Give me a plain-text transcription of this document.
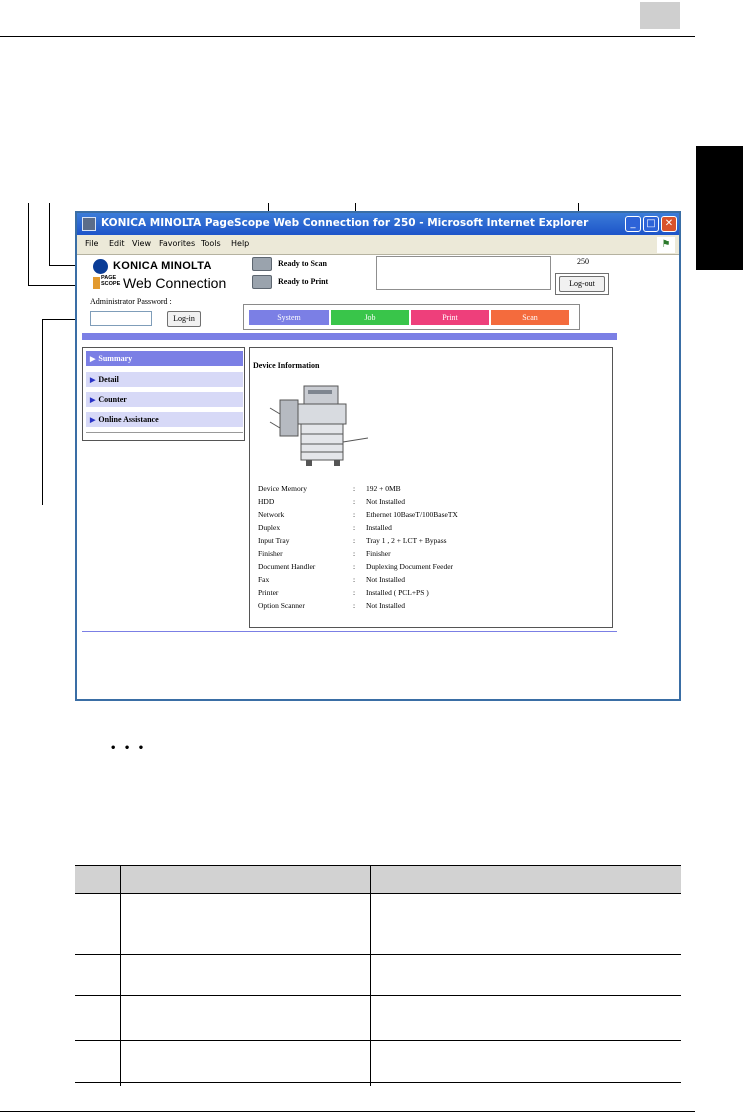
KONICA MINOLTA PageScope Web Connection for 250 - Microsoft Internet Explorer	_	□ ✕
File Edit View Favorites Tools Help	⚑
KONICA MINOLTA
PAGE SCOPE Web Connection
Ready to Scan
Ready to Print
250
Log-out
Administrator Password :
Log-in	System	Job	Print	Scan
▶ Summary
▶ Detail
▶ Counter
▶ Online Assistance
Device Information
Device Memory	: 192 + 0MB
HDD	: Not Installed
Network	: Ethernet 10BaseT/100BaseTX
Duplex	: Installed
Input Tray	: Tray 1 , 2 + LCT + Bypass
Finisher	: Finisher
Document Handler	: Duplexing Document Feeder
Fax	: Not Installed
Printer	: Installed ( PCL+PS )
Option Scanner	: Not Installed
• • •
